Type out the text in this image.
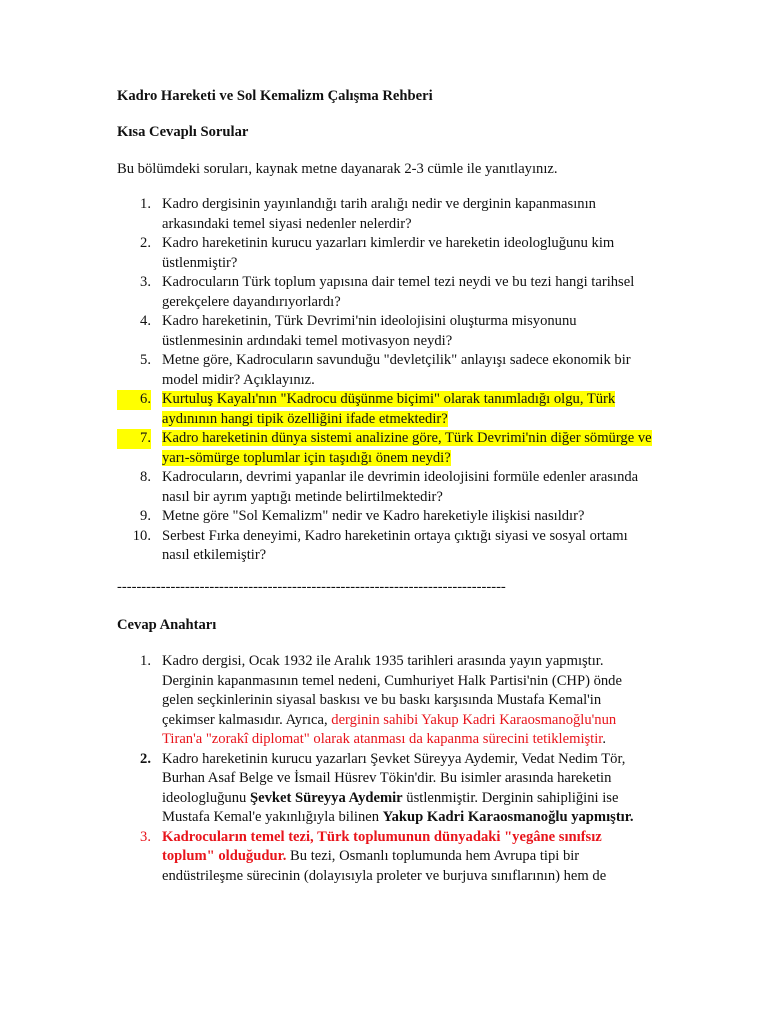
Kadro Hareketi ve Sol Kemalizm Çalışma Rehberi
Kısa Cevaplı Sorular
Bu bölümdeki soruları, kaynak metne dayanarak 2-3 cümle ile yanıtlayınız.
1. Kadro dergisinin yayınlandığı tarih aralığı nedir ve derginin kapanmasının arkasındaki temel siyasi nedenler nelerdir?
2. Kadro hareketinin kurucu yazarları kimlerdir ve hareketin ideologluğunu kim üstlenmiştir?
3. Kadrocuların Türk toplum yapısına dair temel tezi neydi ve bu tezi hangi tarihsel gerekçelere dayandırıyorlardı?
4. Kadro hareketinin, Türk Devrimi'nin ideolojisini oluşturma misyonunu üstlenmesinin ardındaki temel motivasyon neydi?
5. Metne göre, Kadrocuların savunduğu "devletçilik" anlayışı sadece ekonomik bir model midir? Açıklayınız.
6. Kurtuluş Kayalı'nın "Kadrocu düşünme biçimi" olarak tanımladığı olgu, Türk aydınının hangi tipik özelliğini ifade etmektedir?
7. Kadro hareketinin dünya sistemi analizine göre, Türk Devrimi'nin diğer sömürge ve yarı-sömürge toplumlar için taşıdığı önem neydi?
8. Kadrocuların, devrimi yapanlar ile devrimin ideolojisini formüle edenler arasında nasıl bir ayrım yaptığı metinde belirtilmektedir?
9. Metne göre "Sol Kemalizm" nedir ve Kadro hareketiyle ilişkisi nasıldır?
10. Serbest Fırka deneyimi, Kadro hareketinin ortaya çıktığı siyasi ve sosyal ortamı nasıl etkilemiştir?
--------------------------------------------------------------------------------
Cevap Anahtarı
1. Kadro dergisi, Ocak 1932 ile Aralık 1935 tarihleri arasında yayın yapmıştır. Derginin kapanmasının temel nedeni, Cumhuriyet Halk Partisi'nin (CHP) önde gelen seçkinlerinin siyasal baskısı ve bu baskı karşısında Mustafa Kemal'in çekimser kalmasıdır. Ayrıca, derginin sahibi Yakup Kadri Karaosmanoğlu'nun Tiran'a "zorakî diplomat" olarak atanması da kapanma sürecini tetiklemiştir.
2. Kadro hareketinin kurucu yazarları Şevket Süreyya Aydemir, Vedat Nedim Tör, Burhan Asaf Belge ve İsmail Hüsrev Tökin'dir. Bu isimler arasında hareketin ideologluğunu Şevket Süreyya Aydemir üstlenmiştir. Derginin sahipliğini ise Mustafa Kemal'e yakınlığıyla bilinen Yakup Kadri Karaosmanoğlu yapmıştır.
3. Kadrocuların temel tezi, Türk toplumunun dünyadaki "yegâne sınıfsız toplum" olduğudur. Bu tezi, Osmanlı toplumunda hem Avrupa tipi bir endüstrileşme sürecinin (dolayısıyla proleter ve burjuva sınıflarının) hem de
